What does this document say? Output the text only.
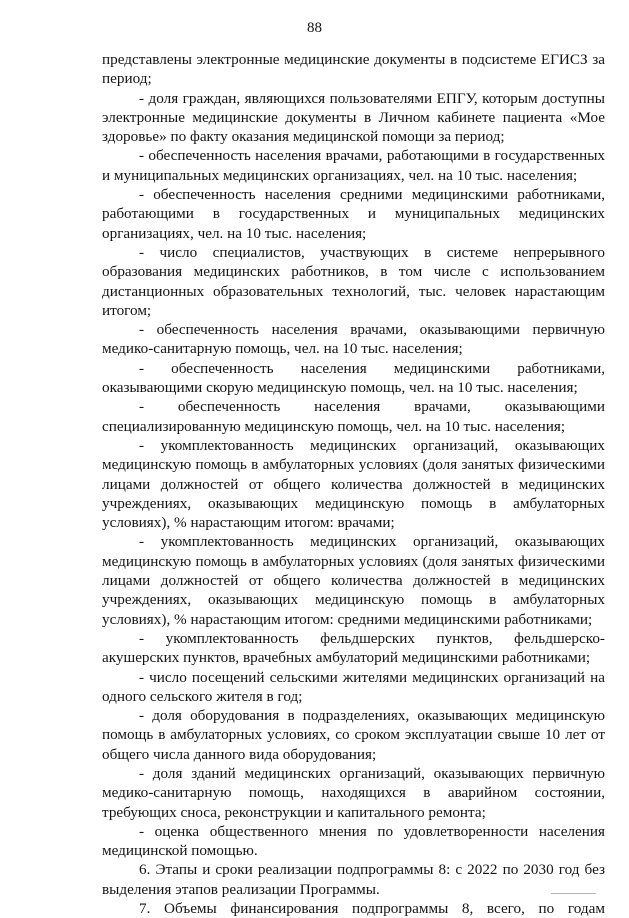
88

представлены электронные медицинские документы в подсистеме ЕГИСЗ за период;

- доля граждан, являющихся пользователями ЕПГУ, которым доступны электронные медицинские документы в Личном кабинете пациента «Мое здоровье» по факту оказания медицинской помощи за период;

- обеспеченность населения врачами, работающими в государственных и муниципальных медицинских организациях, чел. на 10 тыс. населения;

- обеспеченность населения средними медицинскими работниками, работающими в государственных и муниципальных медицинских организациях, чел. на 10 тыс. населения;

- число специалистов, участвующих в системе непрерывного образования медицинских работников, в том числе с использованием дистанционных образовательных технологий, тыс. человек нарастающим итогом;

- обеспеченность населения врачами, оказывающими первичную медико-санитарную помощь, чел. на 10 тыс. населения;

- обеспеченность населения медицинскими работниками, оказывающими скорую медицинскую помощь, чел. на 10 тыс. населения;

- обеспеченность населения врачами, оказывающими специализированную медицинскую помощь, чел. на 10 тыс. населения;

- укомплектованность медицинских организаций, оказывающих медицинскую помощь в амбулаторных условиях (доля занятых физическими лицами должностей от общего количества должностей в медицинских учреждениях, оказывающих медицинскую помощь в амбулаторных условиях), % нарастающим итогом: врачами;

- укомплектованность медицинских организаций, оказывающих медицинскую помощь в амбулаторных условиях (доля занятых физическими лицами должностей от общего количества должностей в медицинских учреждениях, оказывающих медицинскую помощь в амбулаторных условиях), % нарастающим итогом: средними медицинскими работниками;

- укомплектованность фельдшерских пунктов, фельдшерско-акушерских пунктов, врачебных амбулаторий медицинскими работниками;

- число посещений сельскими жителями медицинских организаций на одного сельского жителя в год;

- доля оборудования в подразделениях, оказывающих медицинскую помощь в амбулаторных условиях, со сроком эксплуатации свыше 10 лет от общего числа данного вида оборудования;

- доля зданий медицинских организаций, оказывающих первичную медико-санитарную помощь, находящихся в аварийном состоянии, требующих сноса, реконструкции и капитального ремонта;

- оценка общественного мнения по удовлетворенности населения медицинской помощью.

6. Этапы и сроки реализации подпрограммы 8: с 2022 по 2030 год без выделения этапов реализации Программы.

7. Объемы финансирования подпрограммы 8, всего, по годам
